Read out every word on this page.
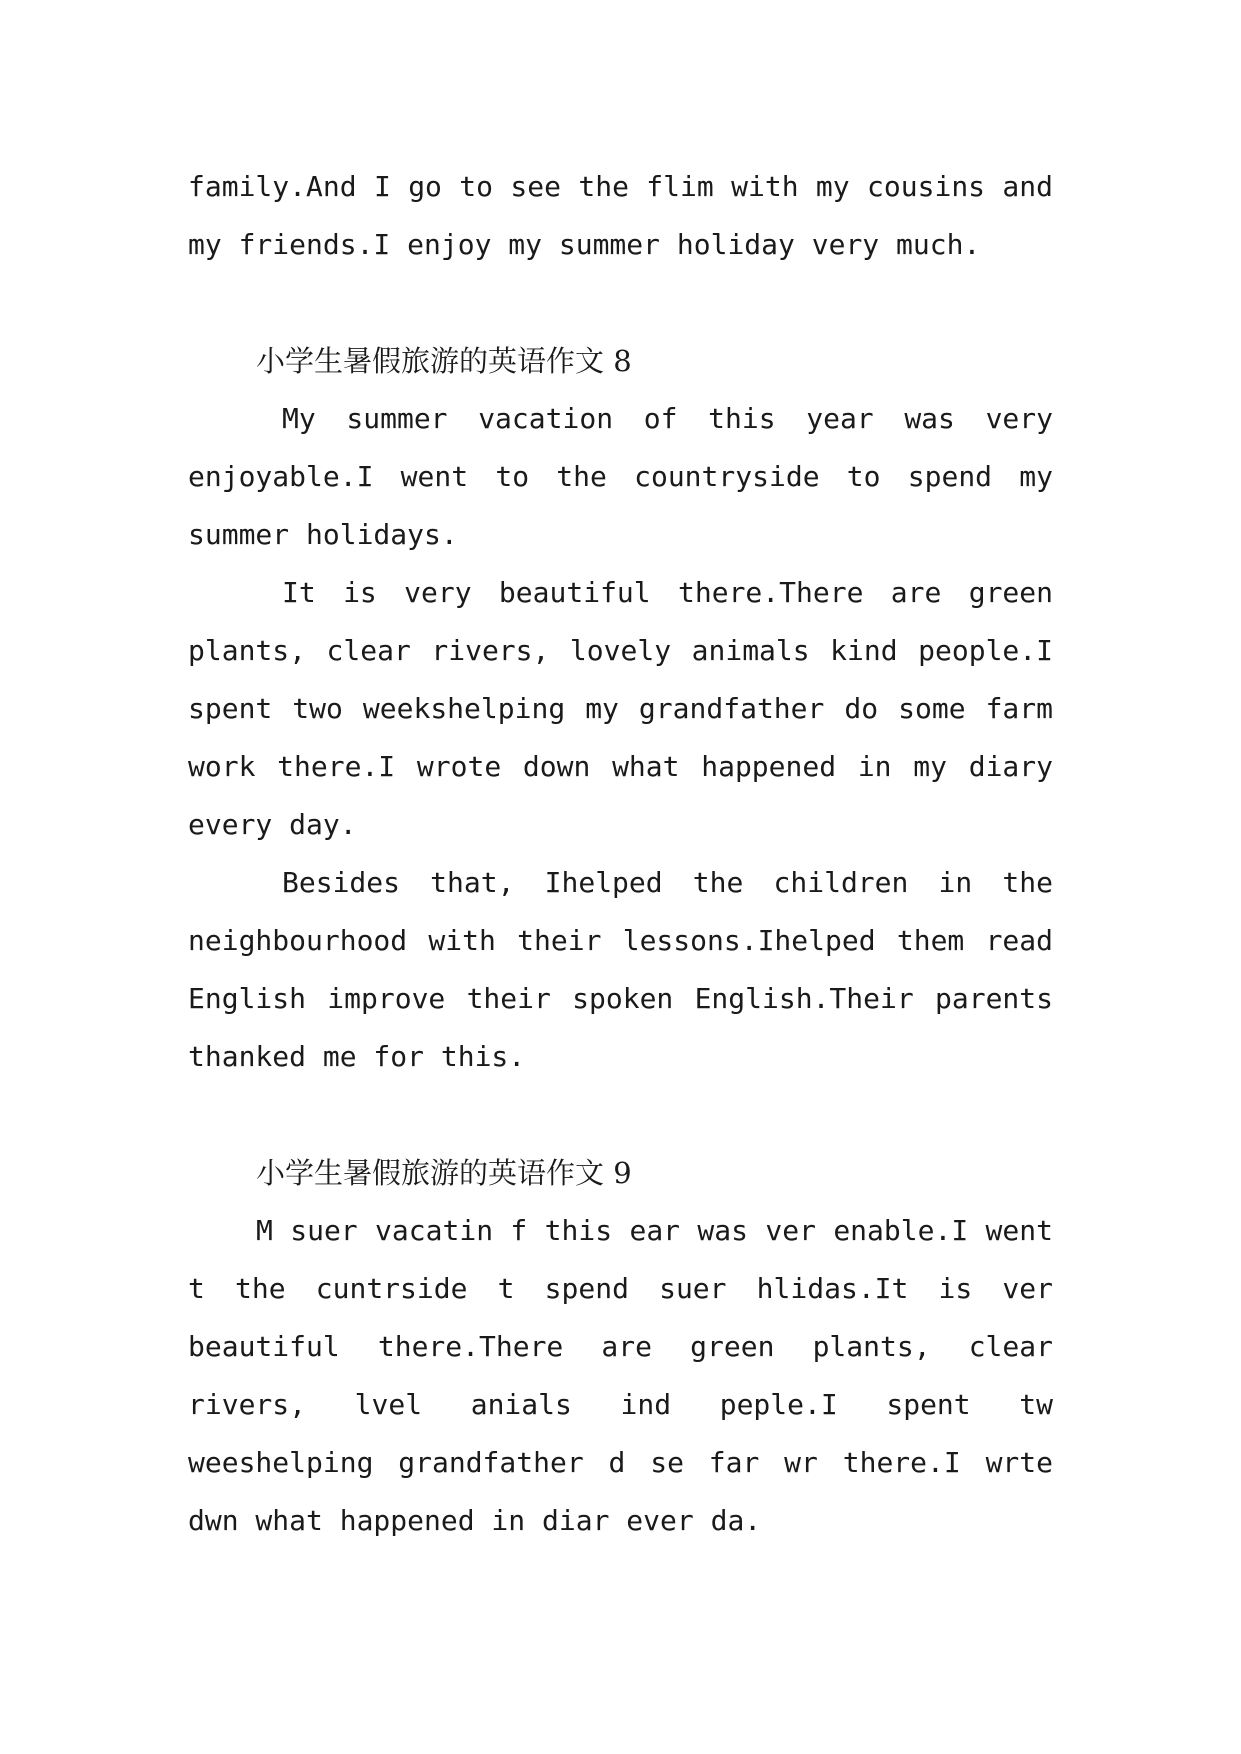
family.And I go to see the flim with my cousins and my friends.I enjoy my summer holiday very much.

小学生暑假旅游的英语作文 8

My summer vacation of this year was very enjoyable.I went to the countryside to spend my summer holidays.

It is very beautiful there.There are green plants, clear rivers, lovely animals kind people.I spent two weekshelping my grandfather do some farm work there.I wrote down what happened in my diary every day.

Besides that, Ihelped the children in the neighbourhood with their lessons.Ihelped them read English improve their spoken English.Their parents thanked me for this.

小学生暑假旅游的英语作文 9

M suer vacatin f this ear was ver enable.I went t the cuntrside t spend suer hlidas.It is ver beautiful there.There are green plants, clear rivers, lvel anials ind peple.I spent tw weeshelping grandfather d se far wr there.I wrte dwn what happened in diar ever da.
